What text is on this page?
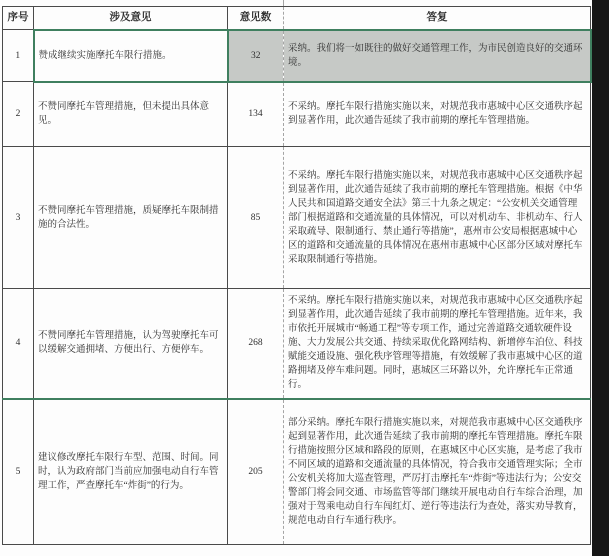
序号	涉及意见	意见数	答复
1	赞成继续实施摩托车限行措施。	32	采纳。我们将一如既往的做好交通管理工作，为市民创造良好的交通环境。
2	不赞同摩托车管理措施，但未提出具体意见。	134	不采纳。摩托车限行措施实施以来，对规范我市惠城中心区交通秩序起到显著作用，此次通告延续了我市前期的摩托车管理措施。
3	不赞同摩托车管理措施，质疑摩托车限制措施的合法性。	85	不采纳。摩托车限行措施实施以来，对规范我市惠城中心区交通秩序起到显著作用，此次通告延续了我市前期的摩托车管理措施。根据《中华人民共和国道路交通安全法》第三十九条之规定：“公安机关交通管理部门根据道路和交通流量的具体情况，可以对机动车、非机动车、行人采取疏导、限制通行、禁止通行等措施”，惠州市公安局根据惠城中心区的道路和交通流量的具体情况在惠州市惠城中心区部分区域对摩托车采取限制通行等措施。
4	不赞同摩托车管理措施，认为驾驶摩托车可以缓解交通拥堵、方便出行、方便停车。	268	不采纳。摩托车限行措施实施以来，对规范我市惠城中心区交通秩序起到显著作用，此次通告延续了我市前期的摩托车管理措施。近年来，我市依托开展城市“畅通工程”等专项工作，通过完善道路交通软硬件设施、大力发展公共交通、持续采取优化路网结构、新增停车泊位、科技赋能交通设施、强化秩序管理等措施，有效缓解了我市惠城中心区的道路拥堵及停车难问题。同时，惠城区三环路以外，允许摩托车正常通行。
5	建议修改摩托车限行车型、范围、时间。同时，认为政府部门当前应加强电动自行车管理工作，严查摩托车“炸街”的行为。	205	部分采纳。摩托车限行措施实施以来，对规范我市惠城中心区交通秩序起到显著作用，此次通告延续了我市前期的摩托车管理措施。摩托车限行措施按照分区域和路段的原则，在惠城区中心区实施，是考虑了我市不同区域的道路和交通流量的具体情况，符合我市交通管理实际；全市公安机关将加大巡查管理，严厉打击摩托车“炸街”等违法行为；公安交警部门将会同交通、市场监管等部门继续开展电动自行车综合治理，加强对于驾乘电动自行车闯红灯、逆行等违法行为查处，落实劝导教育，规范电动自行车通行秩序。
